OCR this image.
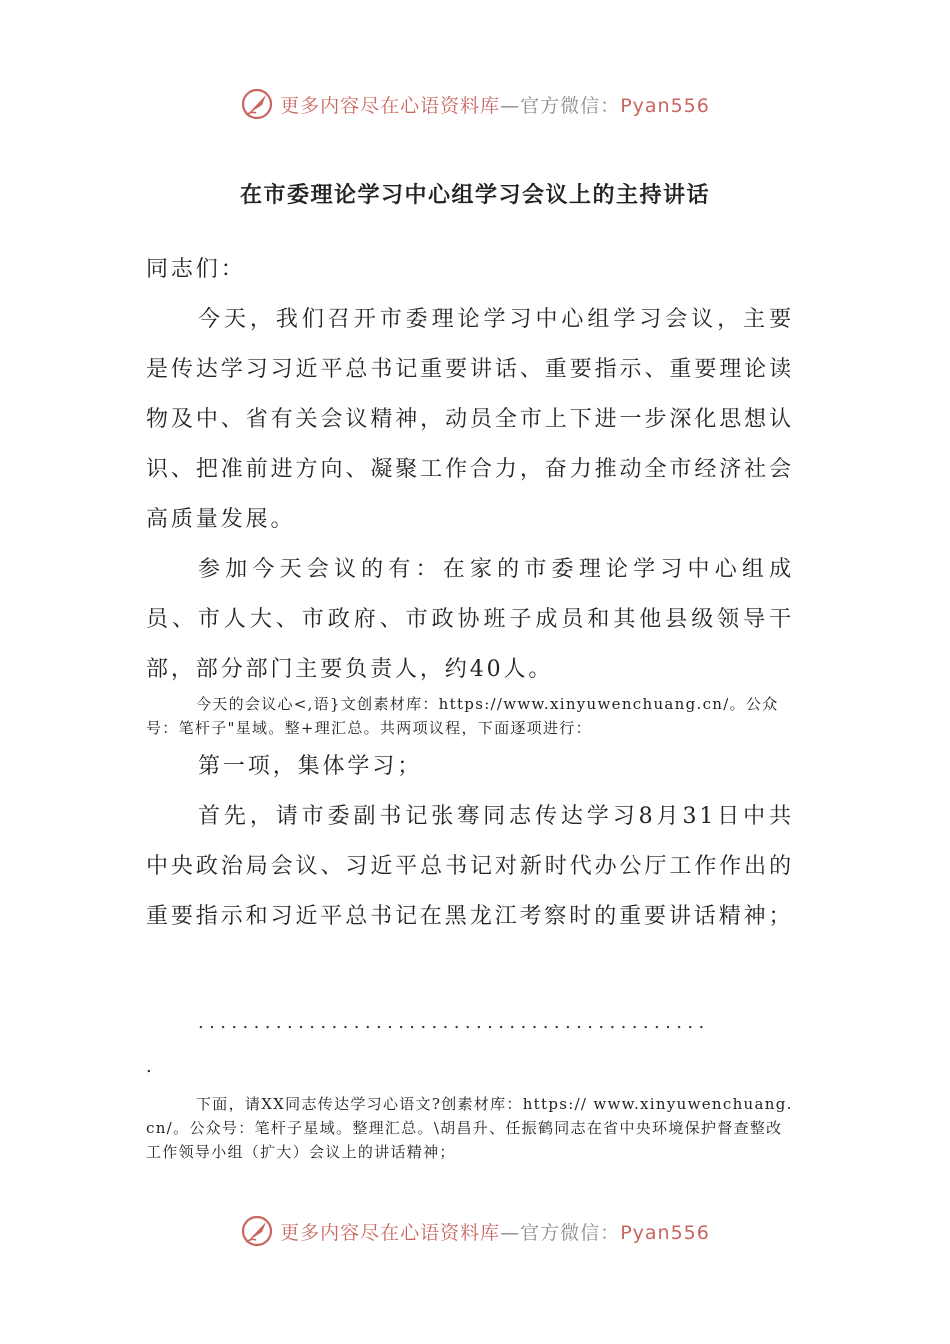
更多内容尽在心语资料库—官方微信：Pyan556
在市委理论学习中心组学习会议上的主持讲话

同志们：

今天，我们召开市委理论学习中心组学习会议，主要是传达学习习近平总书记重要讲话、重要指示、重要理论读物及中、省有关会议精神，动员全市上下进一步深化思想认识、把准前进方向、凝聚工作合力，奋力推动全市经济社会高质量发展。

参加今天会议的有：在家的市委理论学习中心组成员、市人大、市政府、市政协班子成员和其他县级领导干部，部分部门主要负责人，约40人。

今天的会议心<,语}文创素材库：https://www.xinyuwenchuang.cn/。公众号：笔杆子"星域。整+理汇总。共两项议程，下面逐项进行：

第一项，集体学习；

首先，请市委副书记张骞同志传达学习8月31日中共中央政治局会议、习近平总书记对新时代办公厅工作作出的重要指示和习近平总书记在黑龙江考察时的重要讲话精神；

..............................................
.

下面，请XX同志传达学习心语文?创素材库：https:// www.xinyuwenchuang.cn/。公众号：笔杆子星域。整理汇总。\胡昌升、任振鹤同志在省中央环境保护督查整改工作领导小组（扩大）会议上的讲话精神；

更多内容尽在心语资料库—官方微信：Pyan556
